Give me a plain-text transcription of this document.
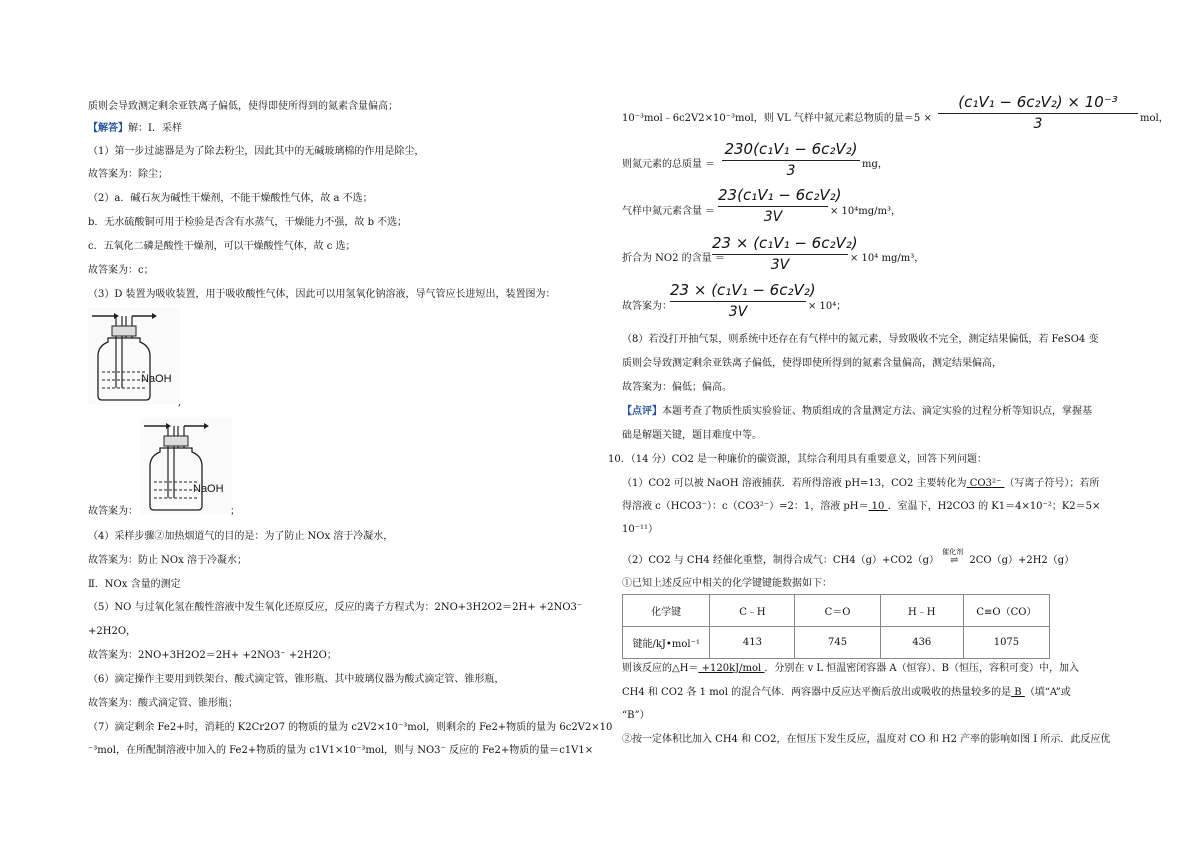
质则会导致测定剩余亚铁离子偏低，使得即使所得到的氮素含量偏高；
【解答】解：Ⅰ．采样
（1）第一步过滤器是为了除去粉尘，因此其中的无碱玻璃棉的作用是除尘，
故答案为：除尘；
（2）a．碱石灰为碱性干燥剂，不能干燥酸性气体，故 a 不选；
b．无水硫酸铜可用于检验是否含有水蒸气，干燥能力不强，故 b 不选；
c．五氧化二磷是酸性干燥剂，可以干燥酸性气体，故 c 选；
故答案为：c；
（3）D 装置为吸收装置，用于吸收酸性气体，因此可以用氢氧化钠溶液，导气管应长进短出，装置图为：
NaOH
,
NaOH
故答案为：	；
（4）采样步骤②加热烟道气的目的是：为了防止 NOx 溶于冷凝水，
故答案为：防止 NOx 溶于冷凝水；
Ⅱ．NOx 含量的测定
（5）NO 与过氧化氢在酸性溶液中发生氧化还原反应，反应的离子方程式为：2NO+3H2O2＝2H+ +2NO3⁻
+2H2O，
故答案为：2NO+3H2O2＝2H+ +2NO3⁻ +2H2O；
（6）滴定操作主要用到铁架台、酸式滴定管、锥形瓶、其中玻璃仪器为酸式滴定管、锥形瓶，
故答案为：酸式滴定管、锥形瓶；
（7）滴定剩余 Fe2+时，消耗的 K2Cr2O7 的物质的量为 c2V2×10⁻³mol，则剩余的 Fe2+物质的量为 6c2V2×10
⁻³mol，在所配制溶液中加入的 Fe2+物质的量为 c1V1×10⁻³mol，则与 NO3⁻ 反应的 Fe2+物质的量＝c1V1×
10⁻³mol﹣6c2V2×10⁻³mol，则 VL 气样中氮元素总物质的量＝5 ×
(c₁V₁ − 6c₂V₂) × 10⁻³
3	mol，
则氮元素的总质量 ＝
230(c₁V₁ − 6c₂V₂)
3	mg，
气样中氮元素含量 ＝
23(c₁V₁ − 6c₂V₂)
3V	× 10⁴mg/m³，
折合为 NO2 的含量 ＝
23 × (c₁V₁ − 6c₂V₂)
3V	× 10⁴ mg/m³，
故答案为：
23 × (c₁V₁ − 6c₂V₂)
3V	× 10⁴；
（8）若没打开抽气泵，则系统中还存在有气样中的氮元素，导致吸收不完全，测定结果偏低，若 FeSO4 变
质则会导致测定剩余亚铁离子偏低，使得即使所得到的氮素含量偏高，测定结果偏高，
故答案为：偏低；偏高。
【点评】本题考查了物质性质实验验证、物质组成的含量测定方法、滴定实验的过程分析等知识点，掌握基
础是解题关键，题目难度中等。
10．（14 分）CO2 是一种廉价的碳资源，其综合利用具有重要意义，回答下列问题：
（1）CO2 可以被 NaOH 溶液捕获．若所得溶液 pH=13，CO2 主要转化为 CO3²⁻ （写离子符号）；若所
得溶液 c（HCO3⁻）：c（CO3²⁻）=2：1，溶液 pH＝ 10 ．室温下，H2CO3 的 K1＝4×10⁻²；K2＝5×
10⁻¹¹）
（2）CO2 与 CH4 经催化重整，制得合成气：CH4（g）+CO2（g）
催化剂
⇌ 2CO（g）+2H2（g）
①已知上述反应中相关的化学键键能数据如下：
化学键	C﹣H	C＝O	H﹣H	C≡O（CO）
键能/kJ•mol⁻¹	413	745	436	1075
则该反应的△H＝ +120kJ/mol ．分别在 v L 恒温密闭容器 A（恒容）、B（恒压，容积可变）中，加入
CH4 和 CO2 各 1 mol 的混合气体．两容器中反应达平衡后放出或吸收的热量较多的是 B （填“A”或
“B”）
②按一定体积比加入 CH4 和 CO2，在恒压下发生反应，温度对 CO 和 H2 产率的影响如图 I 所示．此反应优
